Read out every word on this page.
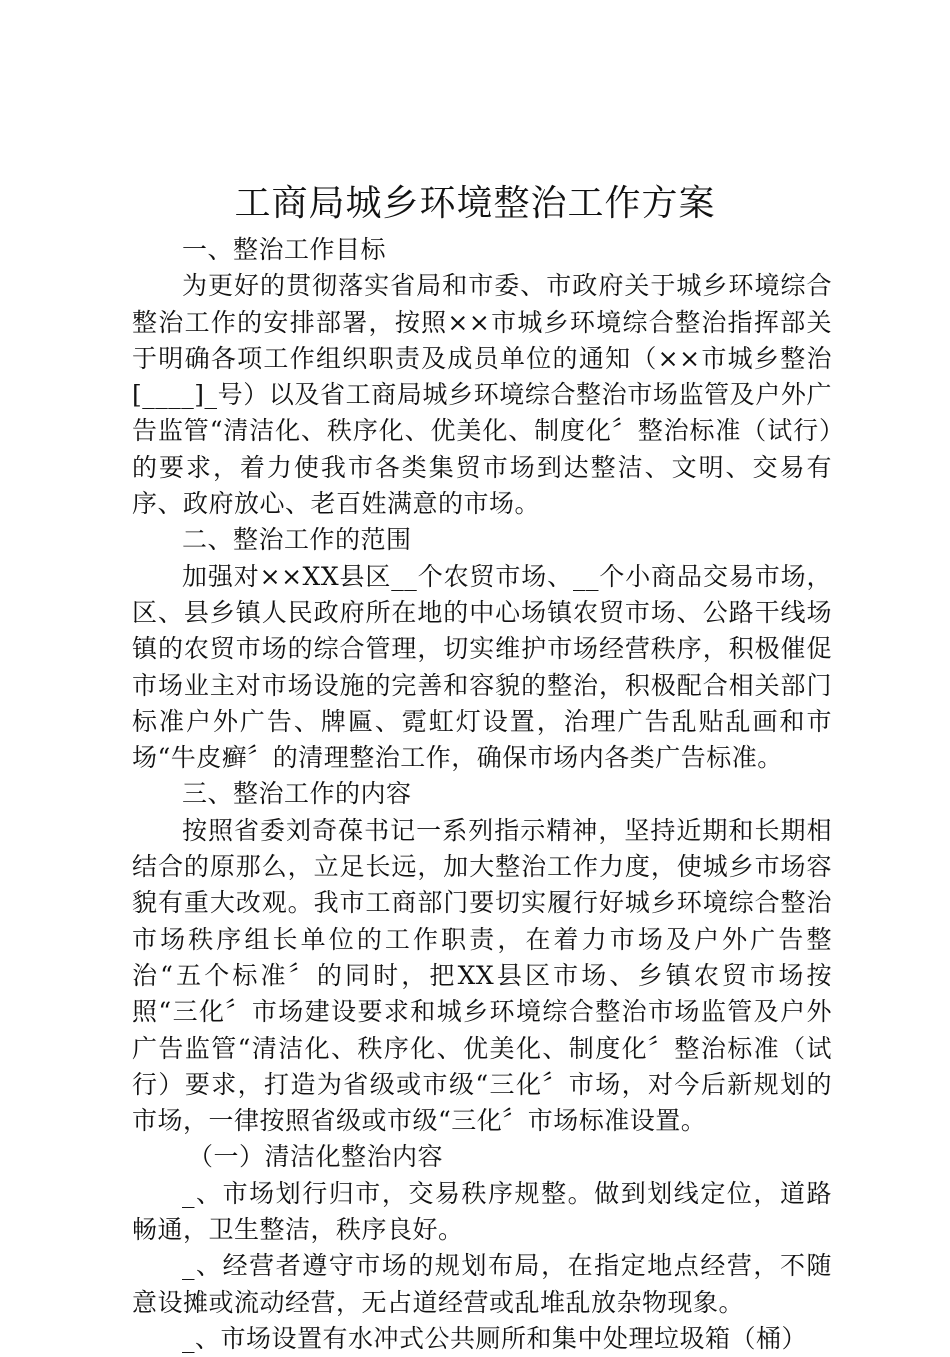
工商局城乡环境整治工作方案

一、整治工作目标

为更好的贯彻落实省局和市委、市政府关于城乡环境综合整治工作的安排部署，按照××市城乡环境综合整治指挥部关于明确各项工作组织职责及成员单位的通知（××市城乡整治[____]_号）以及省工商局城乡环境综合整治市场监管及户外广告监管“清洁化、秩序化、优美化、制度化〞整治标准（试行）的要求，着力使我市各类集贸市场到达整洁、文明、交易有序、政府放心、老百姓满意的市场。

二、整治工作的范围

加强对××XX县区__个农贸市场、__个小商品交易市场，区、县乡镇人民政府所在地的中心场镇农贸市场、公路干线场镇的农贸市场的综合管理，切实维护市场经营秩序，积极催促市场业主对市场设施的完善和容貌的整治，积极配合相关部门标准户外广告、牌匾、霓虹灯设置，治理广告乱贴乱画和市场“牛皮癣〞的清理整治工作，确保市场内各类广告标准。

三、整治工作的内容

按照省委刘奇葆书记一系列指示精神，坚持近期和长期相结合的原那么，立足长远，加大整治工作力度，使城乡市场容貌有重大改观。我市工商部门要切实履行好城乡环境综合整治市场秩序组长单位的工作职责，在着力市场及户外广告整治“五个标准〞的同时，把XX县区市场、乡镇农贸市场按照“三化〞市场建设要求和城乡环境综合整治市场监管及户外广告监管“清洁化、秩序化、优美化、制度化〞整治标准（试行）要求，打造为省级或市级“三化〞市场，对今后新规划的市场，一律按照省级或市级“三化〞市场标准设置。

（一）清洁化整治内容

_、市场划行归市，交易秩序规整。做到划线定位，道路畅通，卫生整洁，秩序良好。

_、经营者遵守市场的规划布局，在指定地点经营，不随意设摊或流动经营，无占道经营或乱堆乱放杂物现象。

_、市场设置有水冲式公共厕所和集中处理垃圾箱（桶）
